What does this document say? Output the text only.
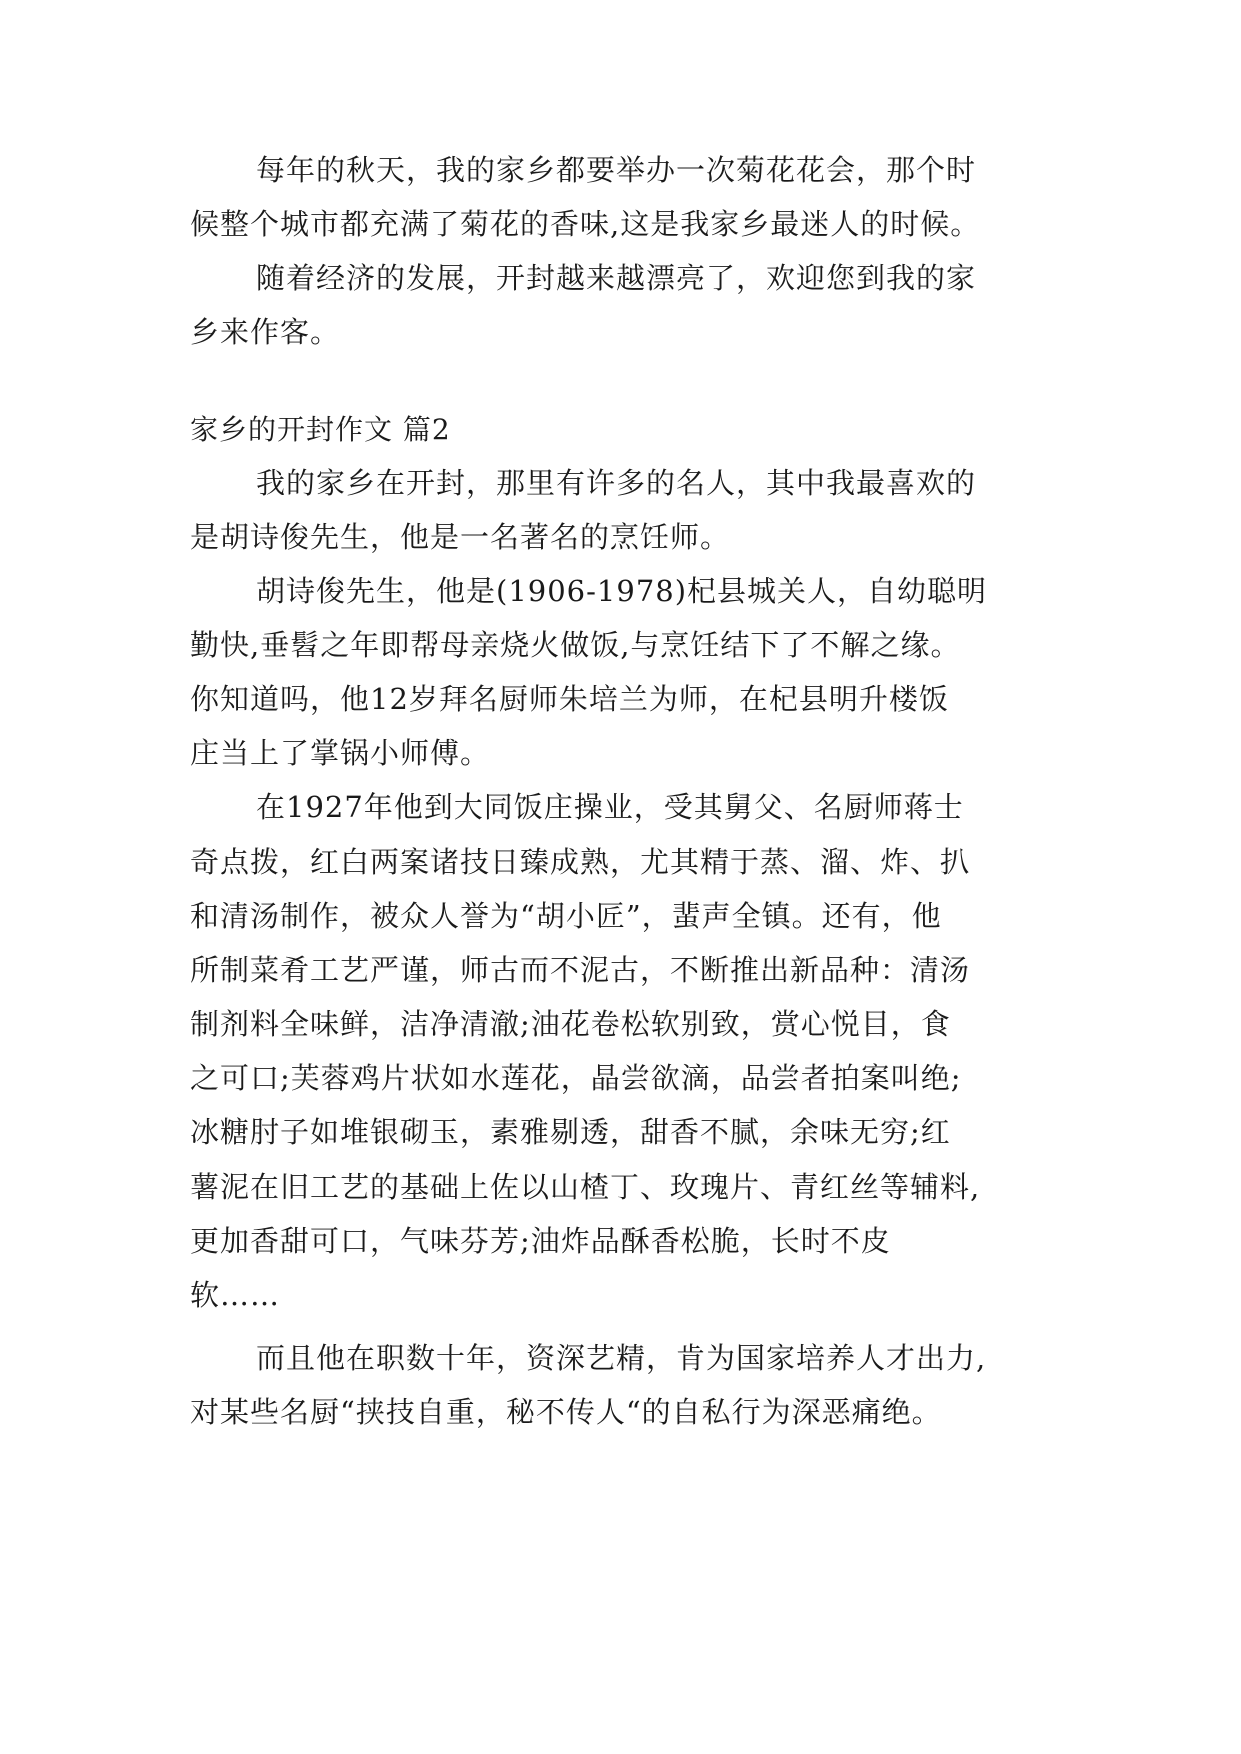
每年的秋天，我的家乡都要举办一次菊花花会，那个时
候整个城市都充满了菊花的香味,这是我家乡最迷人的时候。
随着经济的发展，开封越来越漂亮了，欢迎您到我的家
乡来作客。
家乡的开封作文 篇2
我的家乡在开封，那里有许多的名人，其中我最喜欢的
是胡诗俊先生，他是一名著名的烹饪师。
胡诗俊先生，他是(1906-1978)杞县城关人，自幼聪明
勤快,垂髫之年即帮母亲烧火做饭,与烹饪结下了不解之缘。
你知道吗，他12岁拜名厨师朱培兰为师，在杞县明升楼饭
庄当上了掌锅小师傅。
在1927年他到大同饭庄操业，受其舅父、名厨师蒋士
奇点拨，红白两案诸技日臻成熟，尤其精于蒸、溜、炸、扒
和清汤制作，被众人誉为“胡小匠”，蜚声全镇。还有，他
所制菜肴工艺严谨，师古而不泥古，不断推出新品种：清汤
制剂料全味鲜，洁净清澈;油花卷松软别致，赏心悦目，食
之可口;芙蓉鸡片状如水莲花，晶尝欲滴，品尝者拍案叫绝;
冰糖肘子如堆银砌玉，素雅剔透，甜香不腻，余味无穷;红
薯泥在旧工艺的基础上佐以山楂丁、玫瑰片、青红丝等辅料,
更加香甜可口，气味芬芳;油炸品酥香松脆，长时不皮
软……
而且他在职数十年，资深艺精，肯为国家培养人才出力,
对某些名厨“挟技自重，秘不传人“的自私行为深恶痛绝。
